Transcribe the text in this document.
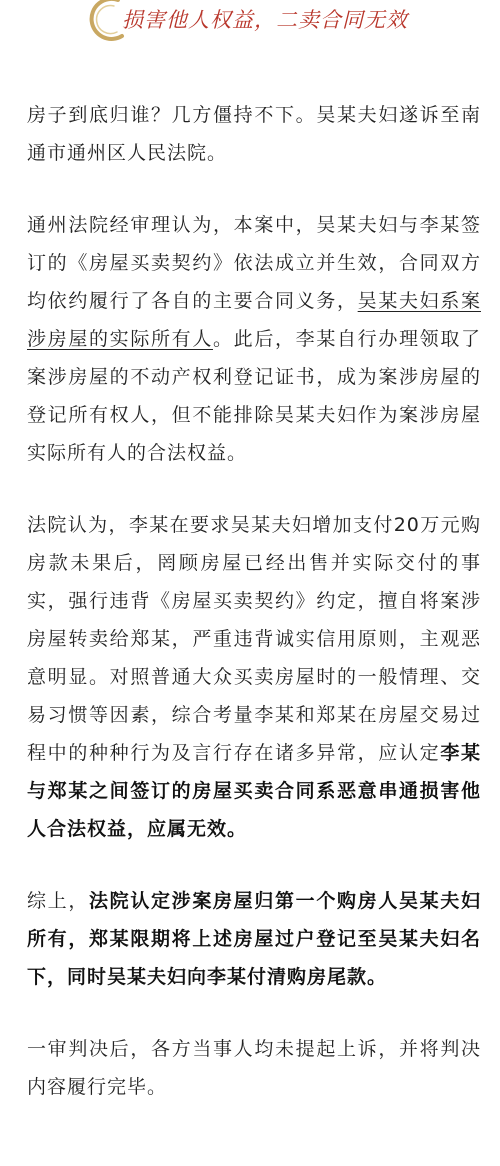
损害他人权益，二卖合同无效

房子到底归谁？几方僵持不下。吴某夫妇遂诉至南通市通州区人民法院。

通州法院经审理认为，本案中，吴某夫妇与李某签订的《房屋买卖契约》依法成立并生效，合同双方均依约履行了各自的主要合同义务，吴某夫妇系案涉房屋的实际所有人。此后，李某自行办理领取了案涉房屋的不动产权利登记证书，成为案涉房屋的登记所有权人，但不能排除吴某夫妇作为案涉房屋实际所有人的合法权益。

法院认为，李某在要求吴某夫妇增加支付20万元购房款未果后，罔顾房屋已经出售并实际交付的事实，强行违背《房屋买卖契约》约定，擅自将案涉房屋转卖给郑某，严重违背诚实信用原则，主观恶意明显。对照普通大众买卖房屋时的一般情理、交易习惯等因素，综合考量李某和郑某在房屋交易过程中的种种行为及言行存在诸多异常，应认定李某与郑某之间签订的房屋买卖合同系恶意串通损害他人合法权益，应属无效。

综上，法院认定涉案房屋归第一个购房人吴某夫妇所有，郑某限期将上述房屋过户登记至吴某夫妇名下，同时吴某夫妇向李某付清购房尾款。

一审判决后，各方当事人均未提起上诉，并将判决内容履行完毕。
